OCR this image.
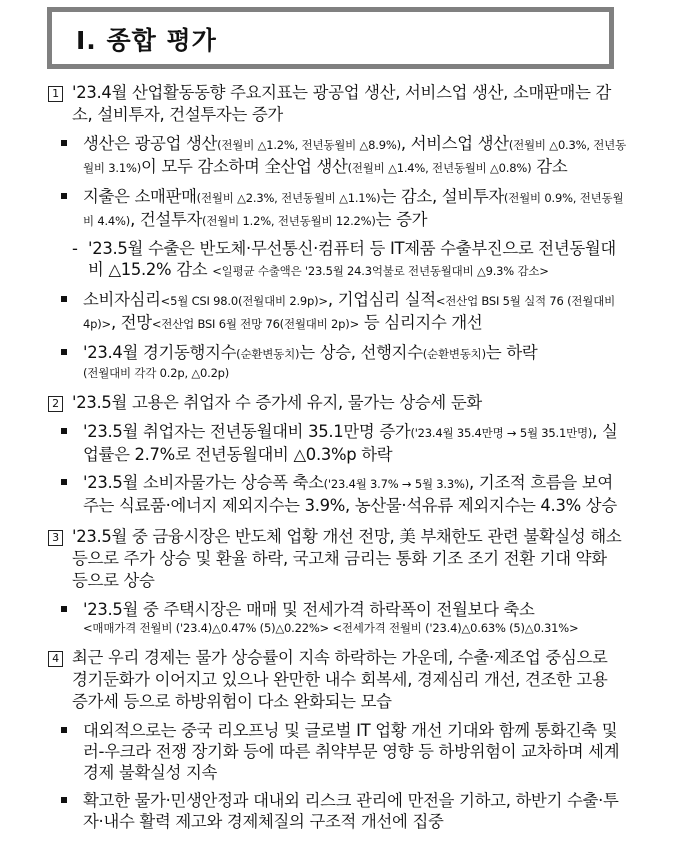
Ⅰ. 종합 평가
1 '23.4월 산업활동동향 주요지표는 광공업 생산, 서비스업 생산, 소매판매는 감소, 설비투자, 건설투자는 증가
생산은 광공업 생산(전월비 △1.2%, 전년동월비 △8.9%), 서비스업 생산(전월비 △0.3%, 전년동월비 3.1%)이 모두 감소하며 全산업 생산(전월비 △1.4%, 전년동월비 △0.8%) 감소
지출은 소매판매(전월비 △2.3%, 전년동월비 △1.1%)는 감소, 설비투자(전월비 0.9%, 전년동월비 4.4%), 건설투자(전월비 1.2%, 전년동월비 12.2%)는 증가
- '23.5월 수출은 반도체·무선통신·컴퓨터 등 IT제품 수출부진으로 전년동월대비 △15.2% 감소 <일평균 수출액은 '23.5월 24.3억불로 전년동월대비 △9.3% 감소>
소비자심리<5월 CSI 98.0(전월대비 2.9p)>, 기업심리 실적<전산업 BSI 5월 실적 76 (전월대비 4p)>, 전망<전산업 BSI 6월 전망 76(전월대비 2p)> 등 심리지수 개선
'23.4월 경기동행지수(순환변동치)는 상승, 선행지수(순환변동치)는 하락
(전월대비 각각 0.2p, △0.2p)
2 '23.5월 고용은 취업자 수 증가세 유지, 물가는 상승세 둔화
'23.5월 취업자는 전년동월대비 35.1만명 증가('23.4월 35.4만명 → 5월 35.1만명), 실업률은 2.7%로 전년동월대비 △0.3%p 하락
'23.5월 소비자물가는 상승폭 축소('23.4월 3.7% → 5월 3.3%), 기조적 흐름을 보여주는 식료품·에너지 제외지수는 3.9%, 농산물·석유류 제외지수는 4.3% 상승
3 '23.5월 중 금융시장은 반도체 업황 개선 전망, 美 부채한도 관련 불확실성 해소 등으로 주가 상승 및 환율 하락, 국고채 금리는 통화 기조 조기 전환 기대 약화 등으로 상승
'23.5월 중 주택시장은 매매 및 전세가격 하락폭이 전월보다 축소
<매매가격 전월비 ('23.4)△0.47% (5)△0.22%> <전세가격 전월비 ('23.4)△0.63% (5)△0.31%>
4 최근 우리 경제는 물가 상승률이 지속 하락하는 가운데, 수출·제조업 중심으로 경기둔화가 이어지고 있으나 완만한 내수 회복세, 경제심리 개선, 견조한 고용 증가세 등으로 하방위험이 다소 완화되는 모습
대외적으로는 중국 리오프닝 및 글로벌 IT 업황 개선 기대와 함께 통화긴축 및 러-우크라 전쟁 장기화 등에 따른 취약부문 영향 등 하방위험이 교차하며 세계경제 불확실성 지속
확고한 물가·민생안정과 대내외 리스크 관리에 만전을 기하고, 하반기 수출·투자·내수 활력 제고와 경제체질의 구조적 개선에 집중
